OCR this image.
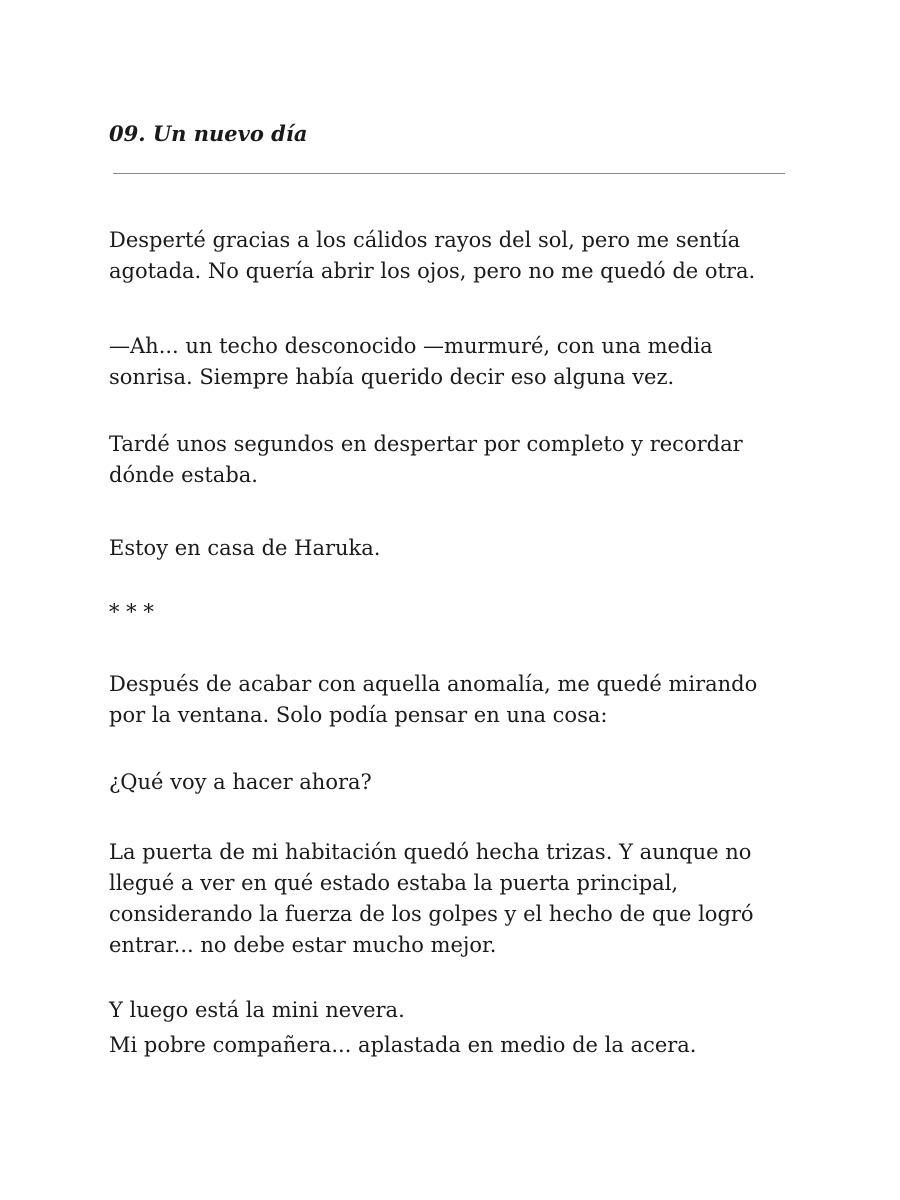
09. Un nuevo día

Desperté gracias a los cálidos rayos del sol, pero me sentía
agotada. No quería abrir los ojos, pero no me quedó de otra.

—Ah... un techo desconocido —murmuré, con una media
sonrisa. Siempre había querido decir eso alguna vez.

Tardé unos segundos en despertar por completo y recordar
dónde estaba.

Estoy en casa de Haruka.

* * *

Después de acabar con aquella anomalía, me quedé mirando
por la ventana. Solo podía pensar en una cosa:

¿Qué voy a hacer ahora?

La puerta de mi habitación quedó hecha trizas. Y aunque no
llegué a ver en qué estado estaba la puerta principal,
considerando la fuerza de los golpes y el hecho de que logró
entrar... no debe estar mucho mejor.

Y luego está la mini nevera.

Mi pobre compañera... aplastada en medio de la acera.
